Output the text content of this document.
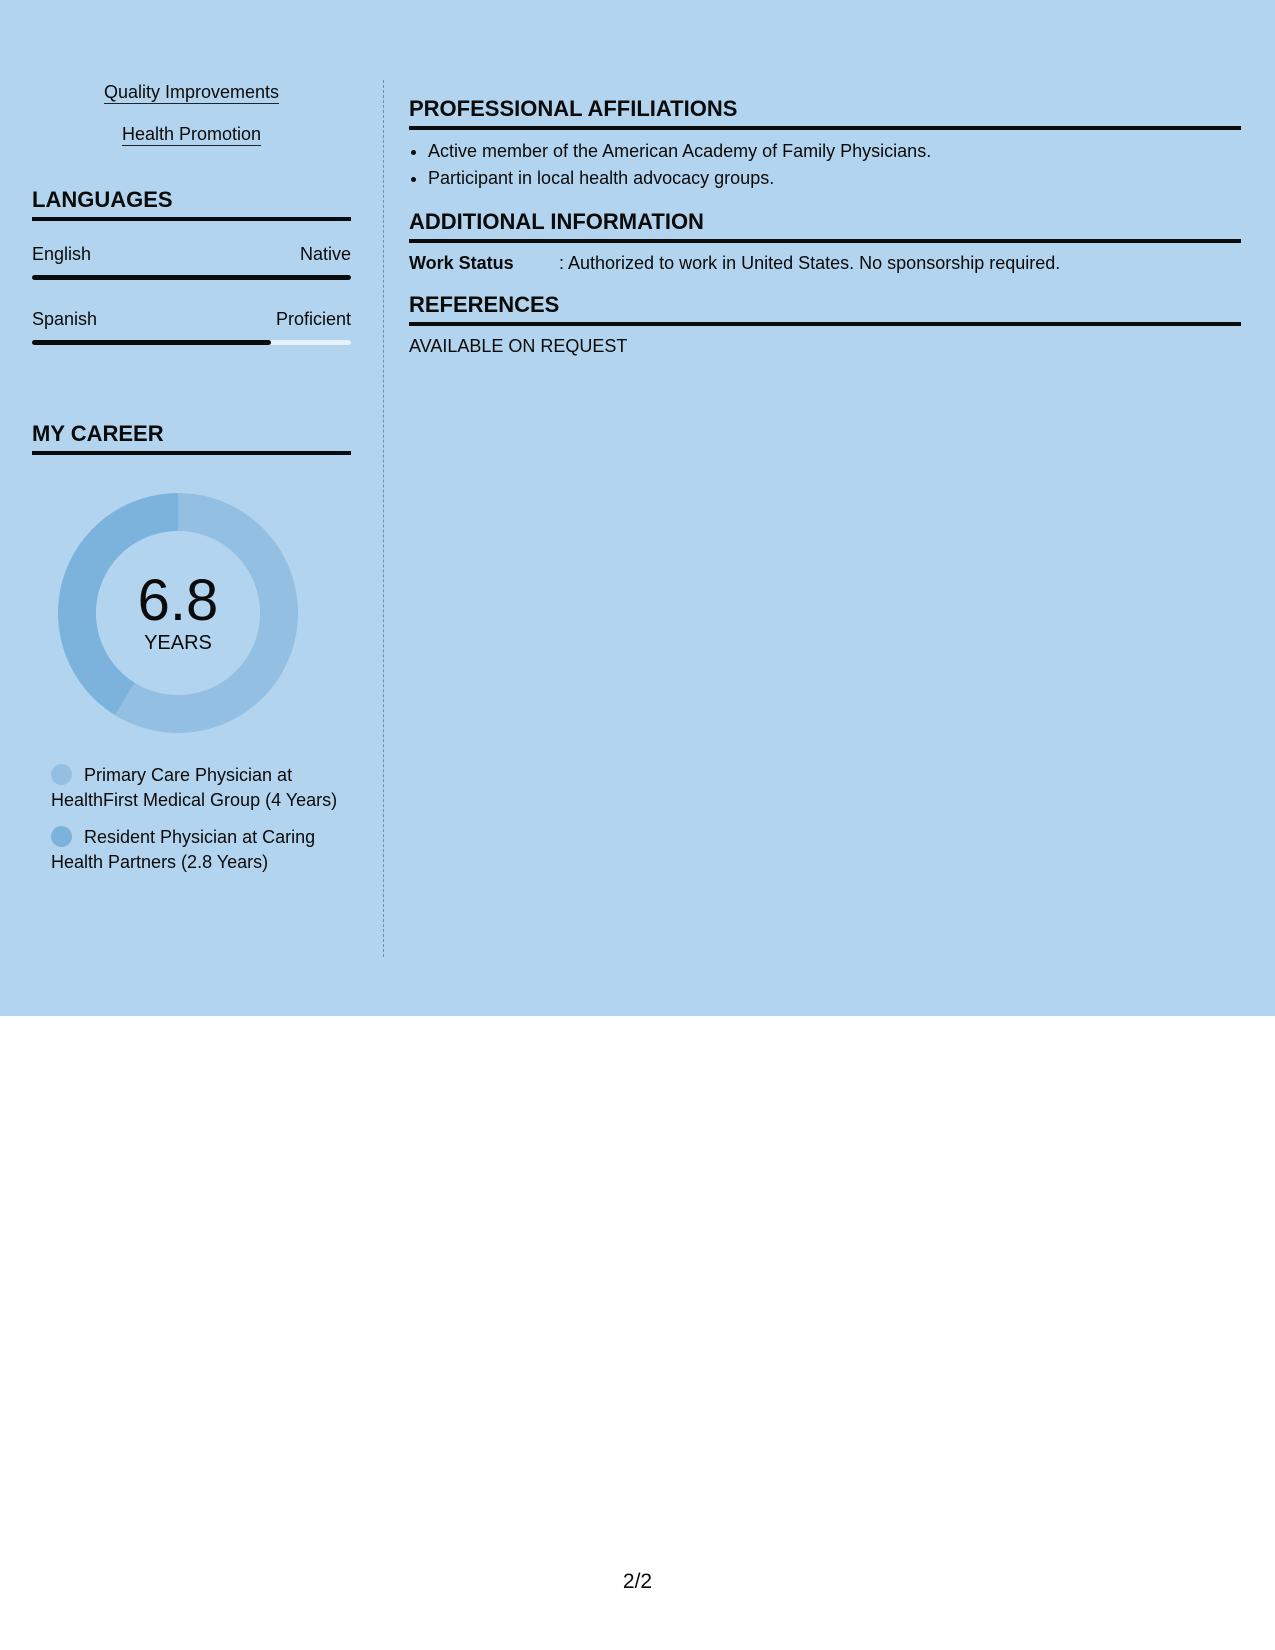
Quality Improvements
Health Promotion
LANGUAGES
English	Native
Spanish	Proficient
MY CAREER
6.8
YEARS
Primary Care Physician at HealthFirst Medical Group (4 Years)
Resident Physician at Caring Health Partners (2.8 Years)
PROFESSIONAL AFFILIATIONS
• Active member of the American Academy of Family Physicians.
• Participant in local health advocacy groups.
ADDITIONAL INFORMATION
Work Status	: Authorized to work in United States. No sponsorship required.
REFERENCES
AVAILABLE ON REQUEST
2/2
